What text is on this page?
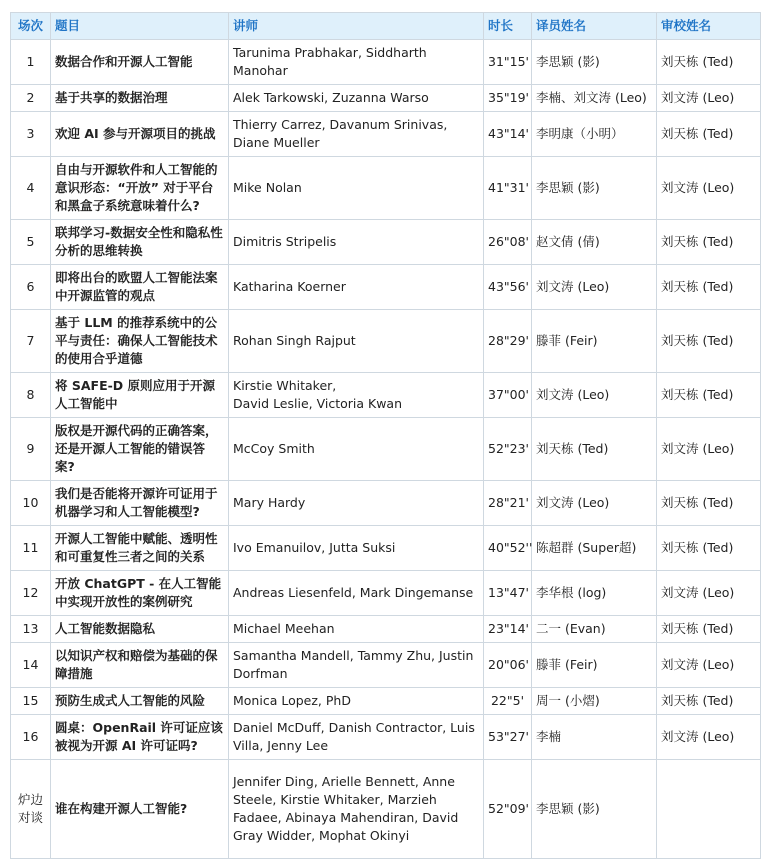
场次	题目	讲师	时长	译员姓名	审校姓名
1	数据合作和开源人工智能	Tarunima Prabhakar, Siddharth Manohar	31"15'	李思颖 (影)	刘天栋 (Ted)
2	基于共享的数据治理	Alek Tarkowski, Zuzanna Warso	35"19'	李楠、刘文涛 (Leo)	刘文涛 (Leo)
3	欢迎 AI 参与开源项目的挑战	Thierry Carrez, Davanum Srinivas, Diane Mueller	43"14'	李明康（小明）	刘天栋 (Ted)
4	自由与开源软件和人工智能的意识形态：“开放” 对于平台和黑盒子系统意味着什么?	Mike Nolan	41"31'	李思颖 (影)	刘文涛 (Leo)
5	联邦学习-数据安全性和隐私性分析的思维转换	Dimitris Stripelis	26"08'	赵文倩 (倩)	刘天栋 (Ted)
6	即将出台的欧盟人工智能法案中开源监管的观点	Katharina Koerner	43"56'	刘文涛 (Leo)	刘天栋 (Ted)
7	基于 LLM 的推荐系统中的公平与责任：确保人工智能技术的使用合乎道德	Rohan Singh Rajput	28"29'	滕菲 (Feir)	刘天栋 (Ted)
8	将 SAFE-D 原则应用于开源人工智能中	Kirstie Whitaker,
David Leslie, Victoria Kwan	37"00'	刘文涛 (Leo)	刘天栋 (Ted)
9	版权是开源代码的正确答案，还是开源人工智能的错误答案?	McCoy Smith	52"23'	刘天栋 (Ted)	刘文涛 (Leo)
10	我们是否能将开源许可证用于机器学习和人工智能模型?	Mary Hardy	28"21'	刘文涛 (Leo)	刘天栋 (Ted)
11	开源人工智能中赋能、透明性和可重复性三者之间的关系	Ivo Emanuilov, Jutta Suksi	40"52''	陈超群 (Super超)	刘天栋 (Ted)
12	开放 ChatGPT - 在人工智能中实现开放性的案例研究	Andreas Liesenfeld, Mark Dingemanse	13"47'	李华根 (log)	刘文涛 (Leo)
13	人工智能数据隐私	Michael Meehan	23"14'	二一 (Evan)	刘天栋 (Ted)
14	以知识产权和赔偿为基础的保障措施	Samantha Mandell, Tammy Zhu, Justin Dorfman	20"06'	滕菲 (Feir)	刘文涛 (Leo)
15	预防生成式人工智能的风险	Monica Lopez, PhD	22"5'	周一 (小熠)	刘天栋 (Ted)
16	圆桌：OpenRail 许可证应该被视为开源 AI 许可证吗?	Daniel McDuff, Danish Contractor, Luis Villa, Jenny Lee	53"27'	李楠	刘文涛 (Leo)
炉边
对谈	谁在构建开源人工智能?	Jennifer Ding, Arielle Bennett, Anne Steele, Kirstie Whitaker, Marzieh Fadaee, Abinaya Mahendiran, David Gray Widder, Mophat Okinyi	52"09'	李思颖 (影)	
